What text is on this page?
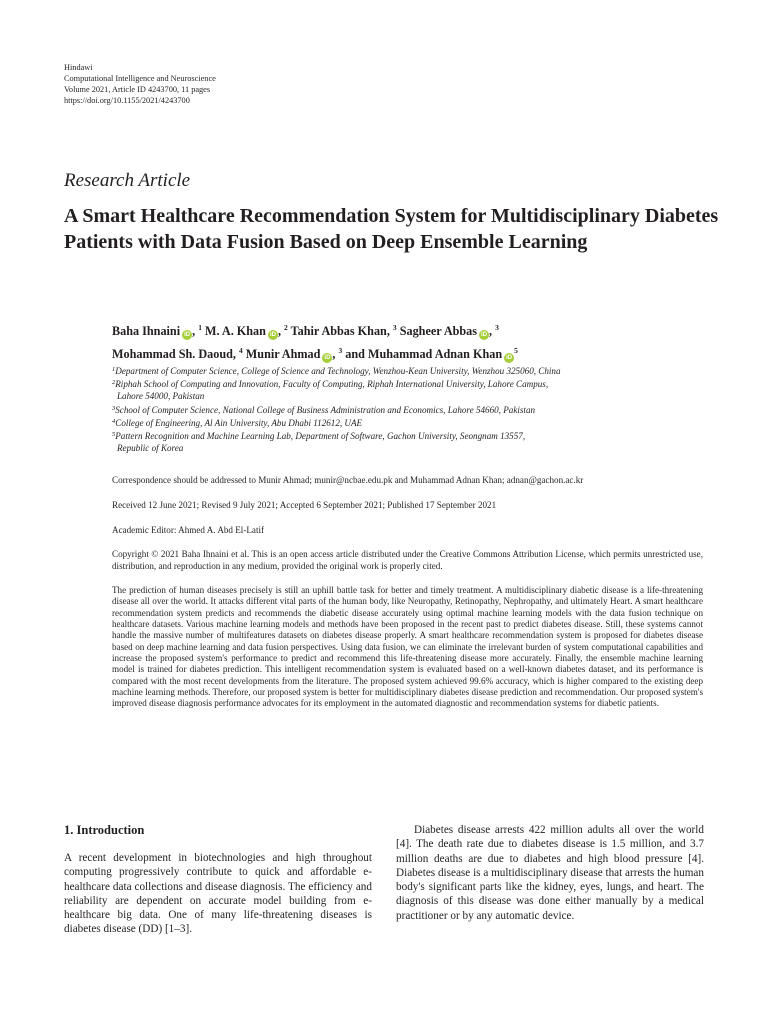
Hindawi
Computational Intelligence and Neuroscience
Volume 2021, Article ID 4243700, 11 pages
https://doi.org/10.1155/2021/4243700
Research Article
A Smart Healthcare Recommendation System for Multidisciplinary Diabetes Patients with Data Fusion Based on Deep Ensemble Learning
Baha Ihnaini iD , $^1$ M. A. Khan iD , $^2$ Tahir Abbas Khan, $^3$ Sagheer Abbas iD , $^3$
Mohammad Sh. Daoud, $^4$ Munir Ahmad iD , $^3$ and Muhammad Adnan Khan $iD^5$
$^1$Department of Computer Science, College of Science and Technology, Wenzhou-Kean University, Wenzhou 325060, China
$^2$Riphah School of Computing and Innovation, Faculty of Computing, Riphah International University, Lahore Campus,
Lahore 54000, Pakistan
$^3$School of Computer Science, National College of Business Administration and Economics, Lahore 54660, Pakistan
$^4$College of Engineering, Al Ain University, Abu Dhabi 112612, UAE
$^5$Pattern Recognition and Machine Learning Lab, Department of Software, Gachon University, Seongnam 13557,
Republic of Korea
Correspondence should be addressed to Munir Ahmad; munir@ncbae.edu.pk and Muhammad Adnan Khan; adnan@gachon.ac.kr
Received 12 June 2021; Revised 9 July 2021; Accepted 6 September 2021; Published 17 September 2021
Academic Editor: Ahmed A. Abd El-Latif
Copyright © 2021 Baha Ihnaini et al. This is an open access article distributed under the Creative Commons Attribution License, which permits unrestricted use, distribution, and reproduction in any medium, provided the original work is properly cited.
The prediction of human diseases precisely is still an uphill battle task for better and timely treatment. A multidisciplinary diabetic disease is a life-threatening disease all over the world. It attacks different vital parts of the human body, like Neuropathy, Retinopathy, Nephropathy, and ultimately Heart. A smart healthcare recommendation system predicts and recommends the diabetic disease accurately using optimal machine learning models with the data fusion technique on healthcare datasets. Various machine learning models and methods have been proposed in the recent past to predict diabetes disease. Still, these systems cannot handle the massive number of multifeatures datasets on diabetes disease properly. A smart healthcare recommendation system is proposed for diabetes disease based on deep machine learning and data fusion perspectives. Using data fusion, we can eliminate the irrelevant burden of system computational capabilities and increase the proposed system's performance to predict and recommend this life-threatening disease more accurately. Finally, the ensemble machine learning model is trained for diabetes prediction. This intelligent recommendation system is evaluated based on a well-known diabetes dataset, and its performance is compared with the most recent developments from the literature. The proposed system achieved 99.6% accuracy, which is higher compared to the existing deep machine learning methods. Therefore, our proposed system is better for multidisciplinary diabetes disease prediction and recommendation. Our proposed system's improved disease diagnosis performance advocates for its employment in the automated diagnostic and recommendation systems for diabetic patients.
1. Introduction

A recent development in biotechnologies and high throughout computing progressively contribute to quick and affordable e-healthcare data collections and disease diagnosis. The efficiency and reliability are dependent on accurate model building from e-healthcare big data. One of many life-threatening diseases is diabetes disease (DD) [1–3].

Diabetes disease arrests 422 million adults all over the world [4]. The death rate due to diabetes disease is 1.5 million, and 3.7 million deaths are due to diabetes and high blood pressure [4]. Diabetes disease is a multidisciplinary disease that arrests the human body's significant parts like the kidney, eyes, lungs, and heart. The diagnosis of this disease was done either manually by a medical practitioner or by any automatic device.
